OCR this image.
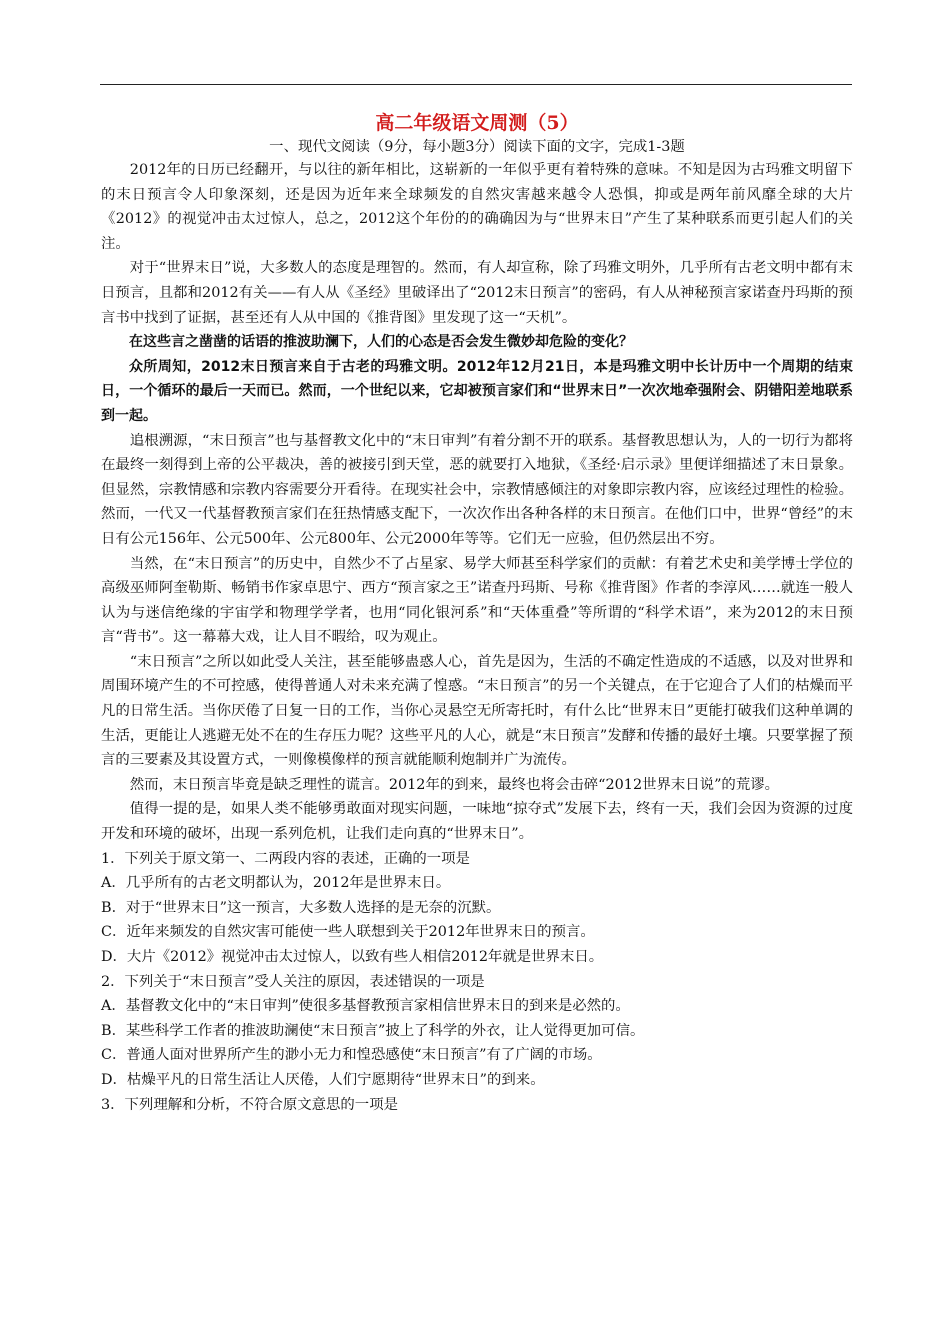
高二年级语文周测（5）

一、现代文阅读（9分，每小题3分）阅读下面的文字，完成1-3题

2012年的日历已经翻开，与以往的新年相比，这崭新的一年似乎更有着特殊的意味。不知是因为古玛雅文明留下的末日预言令人印象深刻，还是因为近年来全球频发的自然灾害越来越令人恐惧，抑或是两年前风靡全球的大片《2012》的视觉冲击太过惊人，总之，2012这个年份的的确确因为与“世界末日”产生了某种联系而更引起人们的关注。

对于“世界末日”说，大多数人的态度是理智的。然而，有人却宣称，除了玛雅文明外，几乎所有古老文明中都有末日预言，且都和2012有关——有人从《圣经》里破译出了“2012末日预言”的密码，有人从神秘预言家诺查丹玛斯的预言书中找到了证据，甚至还有人从中国的《推背图》里发现了这一“天机”。

在这些言之凿凿的话语的推波助澜下，人们的心态是否会发生微妙却危险的变化？

众所周知，2012末日预言来自于古老的玛雅文明。2012年12月21日，本是玛雅文明中长计历中一个周期的结束日，一个循环的最后一天而已。然而，一个世纪以来，它却被预言家们和“世界末日”一次次地牵强附会、阴错阳差地联系到一起。

追根溯源，“末日预言”也与基督教文化中的“末日审判”有着分割不开的联系。基督教思想认为，人的一切行为都将在最终一刻得到上帝的公平裁决，善的被接引到天堂，恶的就要打入地狱，《圣经·启示录》里便详细描述了末日景象。但显然，宗教情感和宗教内容需要分开看待。在现实社会中，宗教情感倾注的对象即宗教内容，应该经过理性的检验。然而，一代又一代基督教预言家们在狂热情感支配下，一次次作出各种各样的末日预言。在他们口中，世界“曾经”的末日有公元156年、公元500年、公元800年、公元2000年等等。它们无一应验，但仍然层出不穷。

当然，在“末日预言”的历史中，自然少不了占星家、易学大师甚至科学家们的贡献：有着艺术史和美学博士学位的高级巫师阿奎勒斯、畅销书作家卓思宁、西方“预言家之王”诺查丹玛斯、号称《推背图》作者的李淳风……就连一般人认为与迷信绝缘的宇宙学和物理学学者，也用“同化银河系”和“天体重叠”等所谓的“科学术语”，来为2012的末日预言“背书”。这一幕幕大戏，让人目不暇给，叹为观止。

“末日预言”之所以如此受人关注，甚至能够蛊惑人心，首先是因为，生活的不确定性造成的不适感，以及对世界和周围环境产生的不可控感，使得普通人对未来充满了惶惑。“末日预言”的另一个关键点，在于它迎合了人们的枯燥而平凡的日常生活。当你厌倦了日复一日的工作，当你心灵悬空无所寄托时，有什么比“世界末日”更能打破我们这种单调的生活，更能让人逃避无处不在的生存压力呢？这些平凡的人心，就是“末日预言”发酵和传播的最好土壤。只要掌握了预言的三要素及其设置方式，一则像模像样的预言就能顺利炮制并广为流传。

然而，末日预言毕竟是缺乏理性的谎言。2012年的到来，最终也将会击碎“2012世界末日说”的荒谬。

值得一提的是，如果人类不能够勇敢面对现实问题，一味地“掠夺式”发展下去，终有一天，我们会因为资源的过度开发和环境的破坏，出现一系列危机，让我们走向真的“世界末日”。

1．下列关于原文第一、二两段内容的表述，正确的一项是

A．几乎所有的古老文明都认为，2012年是世界末日。

B．对于“世界末日”这一预言，大多数人选择的是无奈的沉默。

C．近年来频发的自然灾害可能使一些人联想到关于2012年世界末日的预言。

D．大片《2012》视觉冲击太过惊人，以致有些人相信2012年就是世界末日。

2．下列关于“末日预言”受人关注的原因，表述错误的一项是

A．基督教文化中的“末日审判”使很多基督教预言家相信世界末日的到来是必然的。

B．某些科学工作者的推波助澜使“末日预言”披上了科学的外衣，让人觉得更加可信。

C．普通人面对世界所产生的渺小无力和惶恐感使“末日预言”有了广阔的市场。

D．枯燥平凡的日常生活让人厌倦，人们宁愿期待“世界末日”的到来。

3．下列理解和分析，不符合原文意思的一项是
